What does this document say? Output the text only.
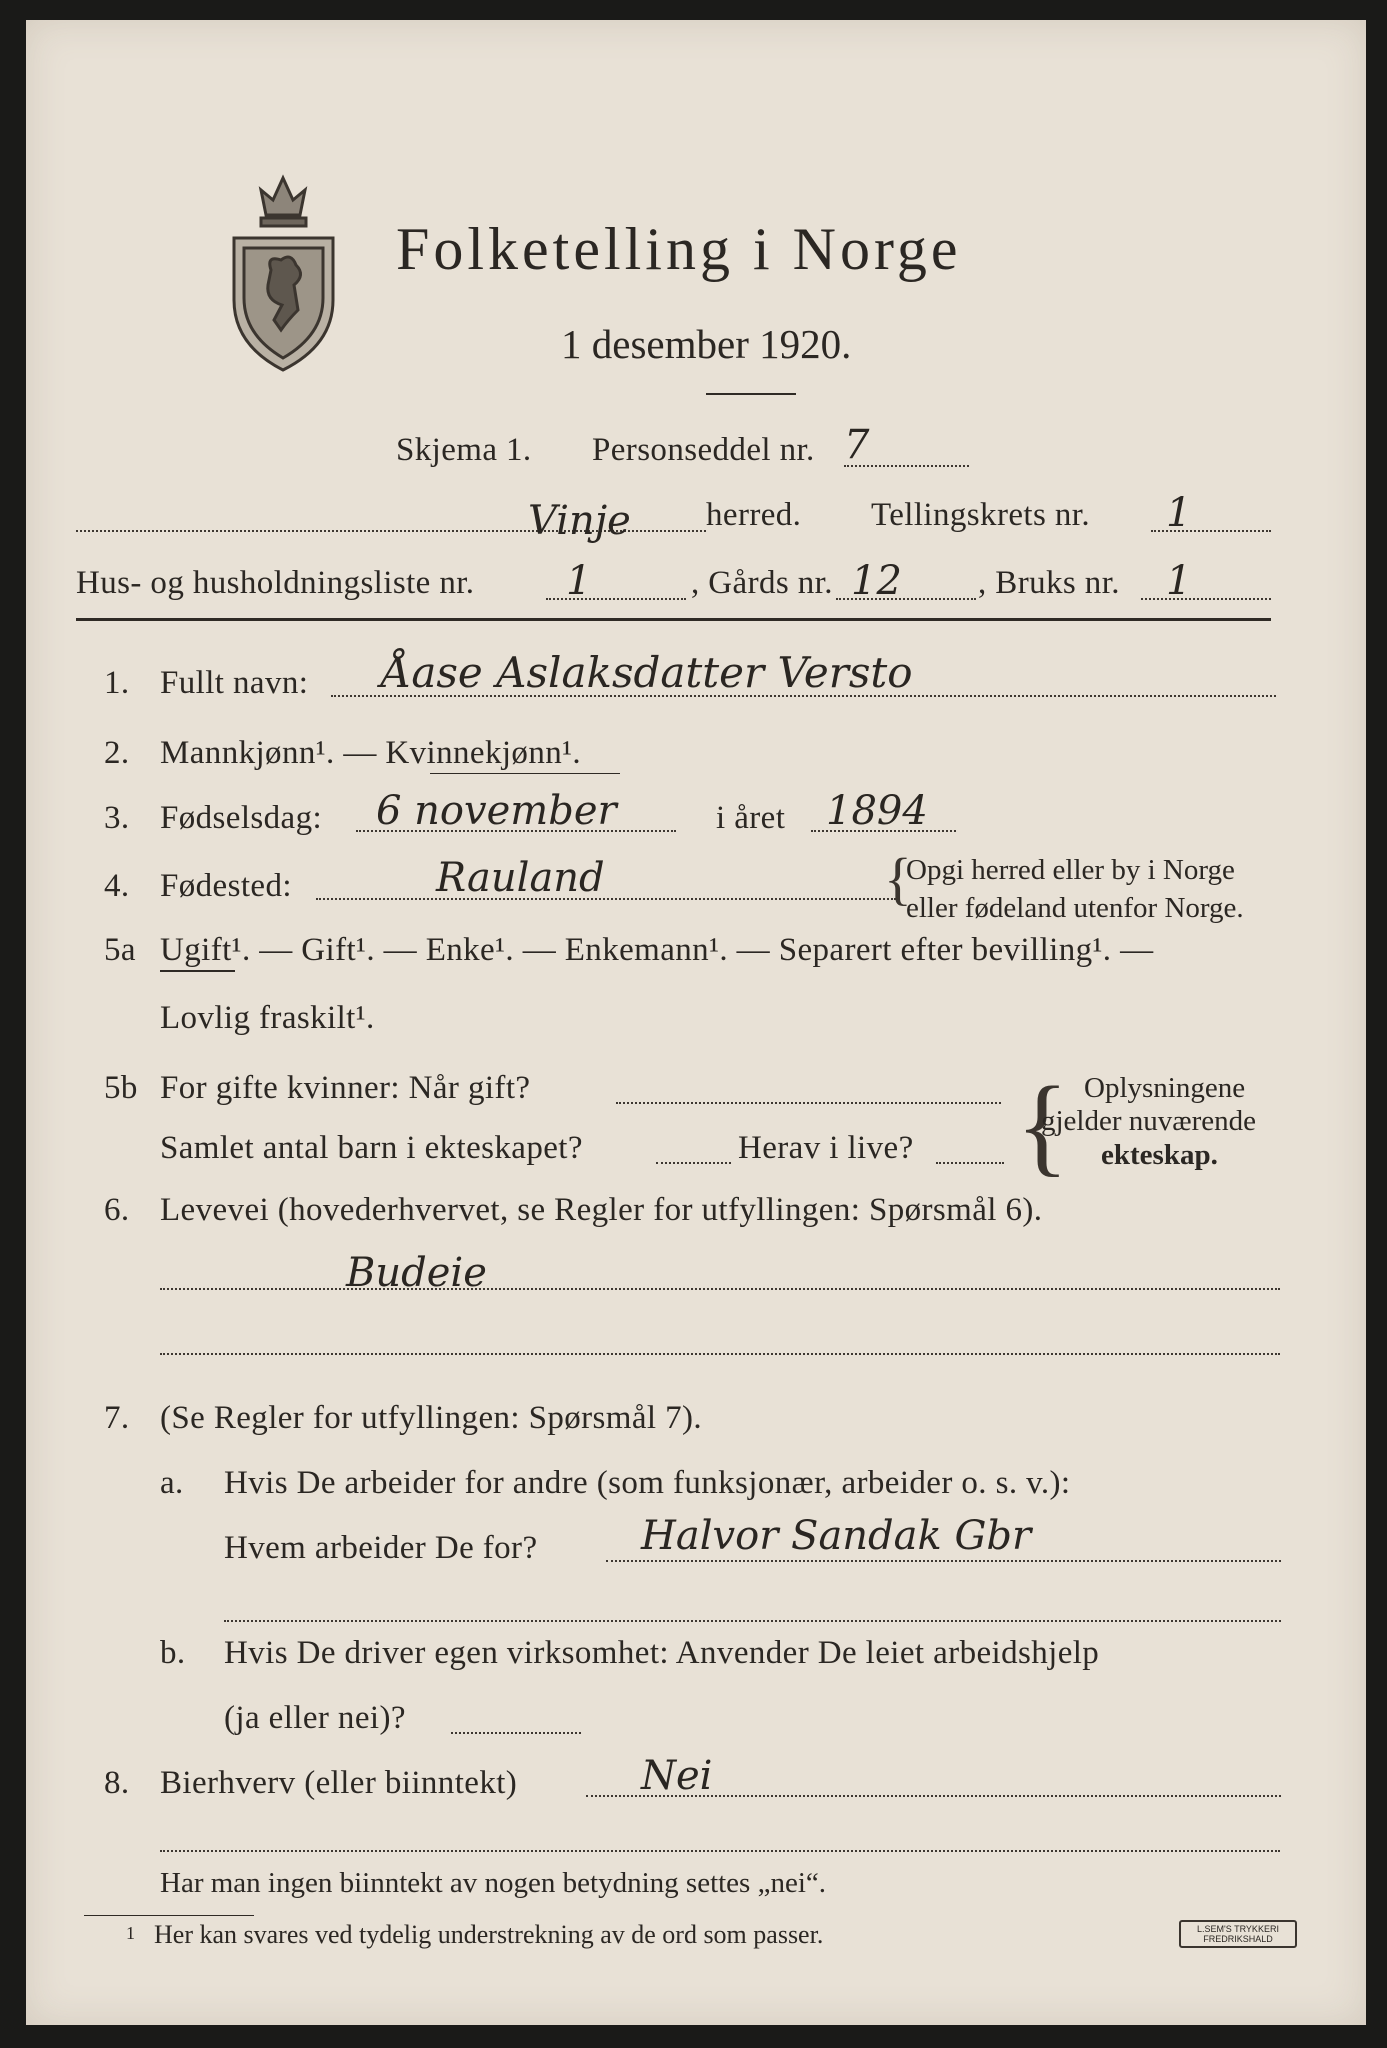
Folketelling i Norge
1 desember 1920.
Skjema 1. Personseddel nr. 7
Vinje herred. Tellingskrets nr. 1
Hus- og husholdningsliste nr. 1	, Gårds nr. 12 , Bruks nr. 1
1. Fullt navn: Åase Aslaksdatter Versto
2. Mannkjønn¹. — Kvinnekjønn¹.
3. Fødselsdag: 6 november	i året 1894
4. Fødested:	Rauland	{
Opgi herred eller by i Norge
eller fødeland utenfor Norge.
5a Ugift¹. — Gift¹. — Enke¹. — Enkemann¹. — Separert efter bevilling¹. —
Lovlig fraskilt¹.
5b For gifte kvinner: Når gift?
Samlet antal barn i ekteskapet?	Herav i live? { Oplysningene
gjelder nuværende
ekteskap.
6. Levevei (hovederhvervet, se Regler for utfyllingen: Spørsmål 6).
Budeie
7. (Se Regler for utfyllingen: Spørsmål 7).
a. Hvis De arbeider for andre (som funksjonær, arbeider o. s. v.):
Hvem arbeider De for?	Halvor Sandak Gbr
b. Hvis De driver egen virksomhet: Anvender De leiet arbeidshjelp
(ja eller nei)?
8. Bierhverv (eller biinntekt)	Nei
Har man ingen biinntekt av nogen betydning settes „nei“.
1 Her kan svares ved tydelig understrekning av de ord som passer.	L.SEM'S TRYKKERI
FREDRIKSHALD
